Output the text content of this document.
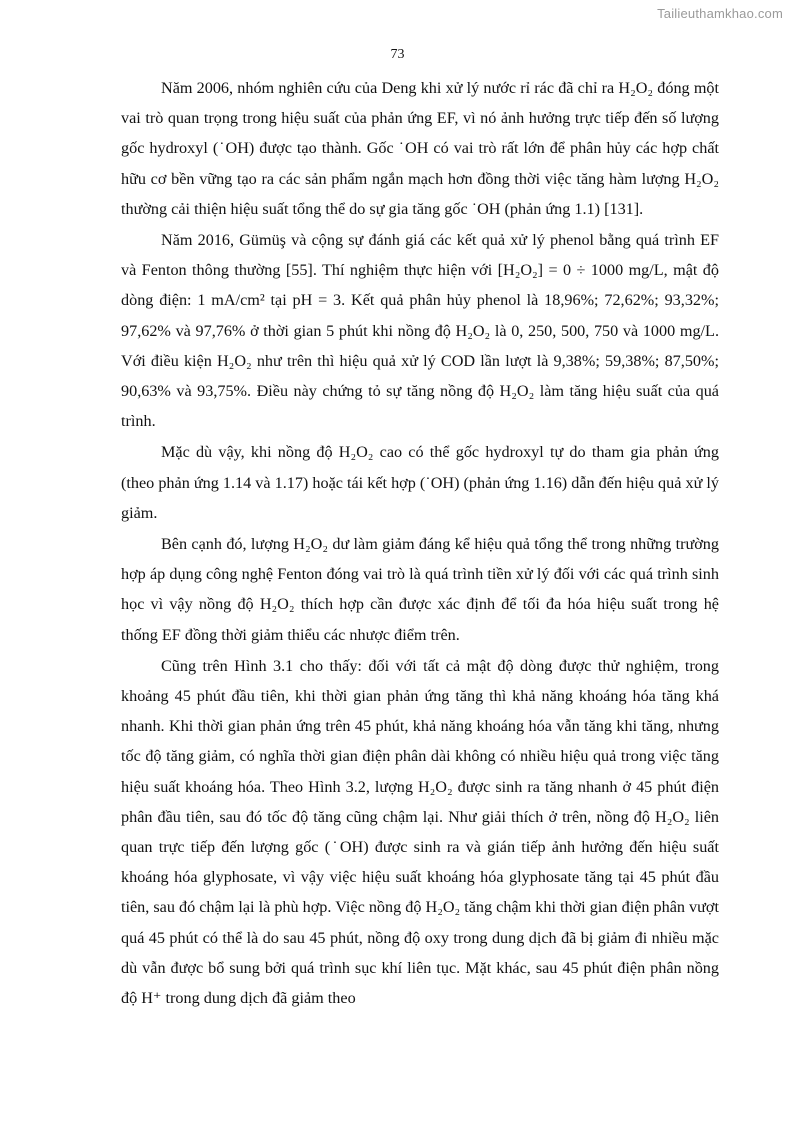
Tailieuthamkhao.com
73

Năm 2006, nhóm nghiên cứu của Deng khi xử lý nước rỉ rác đã chỉ ra H₂O₂ đóng một vai trò quan trọng trong hiệu suất của phản ứng EF, vì nó ảnh hưởng trực tiếp đến số lượng gốc hydroxyl (˙OH) được tạo thành. Gốc ˙OH có vai trò rất lớn để phân hủy các hợp chất hữu cơ bền vững tạo ra các sản phẩm ngắn mạch hơn đồng thời việc tăng hàm lượng H₂O₂ thường cải thiện hiệu suất tổng thể do sự gia tăng gốc ˙OH (phản ứng 1.1) [131].

Năm 2016, Gümüş và cộng sự đánh giá các kết quả xử lý phenol bằng quá trình EF và Fenton thông thường [55]. Thí nghiệm thực hiện với [H₂O₂] = 0 ÷ 1000 mg/L, mật độ dòng điện: 1 mA/cm² tại pH = 3. Kết quả phân hủy phenol là 18,96%; 72,62%; 93,32%; 97,62% và 97,76% ở thời gian 5 phút khi nồng độ H₂O₂ là 0, 250, 500, 750 và 1000 mg/L. Với điều kiện H₂O₂ như trên thì hiệu quả xử lý COD lần lượt là 9,38%; 59,38%; 87,50%; 90,63% và 93,75%. Điều này chứng tỏ sự tăng nồng độ H₂O₂ làm tăng hiệu suất của quá trình.

Mặc dù vậy, khi nồng độ H₂O₂ cao có thể gốc hydroxyl tự do tham gia phản ứng (theo phản ứng 1.14 và 1.17) hoặc tái kết hợp (˙OH) (phản ứng 1.16) dẫn đến hiệu quả xử lý giảm.

Bên cạnh đó, lượng H₂O₂ dư làm giảm đáng kể hiệu quả tổng thể trong những trường hợp áp dụng công nghệ Fenton đóng vai trò là quá trình tiền xử lý đối với các quá trình sinh học vì vậy nồng độ H₂O₂ thích hợp cần được xác định để tối đa hóa hiệu suất trong hệ thống EF đồng thời giảm thiểu các nhược điểm trên.

Cũng trên Hình 3.1 cho thấy: đối với tất cả mật độ dòng được thử nghiệm, trong khoảng 45 phút đầu tiên, khi thời gian phản ứng tăng thì khả năng khoáng hóa tăng khá nhanh. Khi thời gian phản ứng trên 45 phút, khả năng khoáng hóa vẫn tăng khi tăng, nhưng tốc độ tăng giảm, có nghĩa thời gian điện phân dài không có nhiều hiệu quả trong việc tăng hiệu suất khoáng hóa. Theo Hình 3.2, lượng H₂O₂ được sinh ra tăng nhanh ở 45 phút điện phân đầu tiên, sau đó tốc độ tăng cũng chậm lại. Như giải thích ở trên, nồng độ H₂O₂ liên quan trực tiếp đến lượng gốc (˙OH) được sinh ra và gián tiếp ảnh hưởng đến hiệu suất khoáng hóa glyphosate, vì vậy việc hiệu suất khoáng hóa glyphosate tăng tại 45 phút đầu tiên, sau đó chậm lại là phù hợp. Việc nồng độ H₂O₂ tăng chậm khi thời gian điện phân vượt quá 45 phút có thể là do sau 45 phút, nồng độ oxy trong dung dịch đã bị giảm đi nhiều mặc dù vẫn được bổ sung bởi quá trình sục khí liên tục. Mặt khác, sau 45 phút điện phân nồng độ H⁺ trong dung dịch đã giảm theo
